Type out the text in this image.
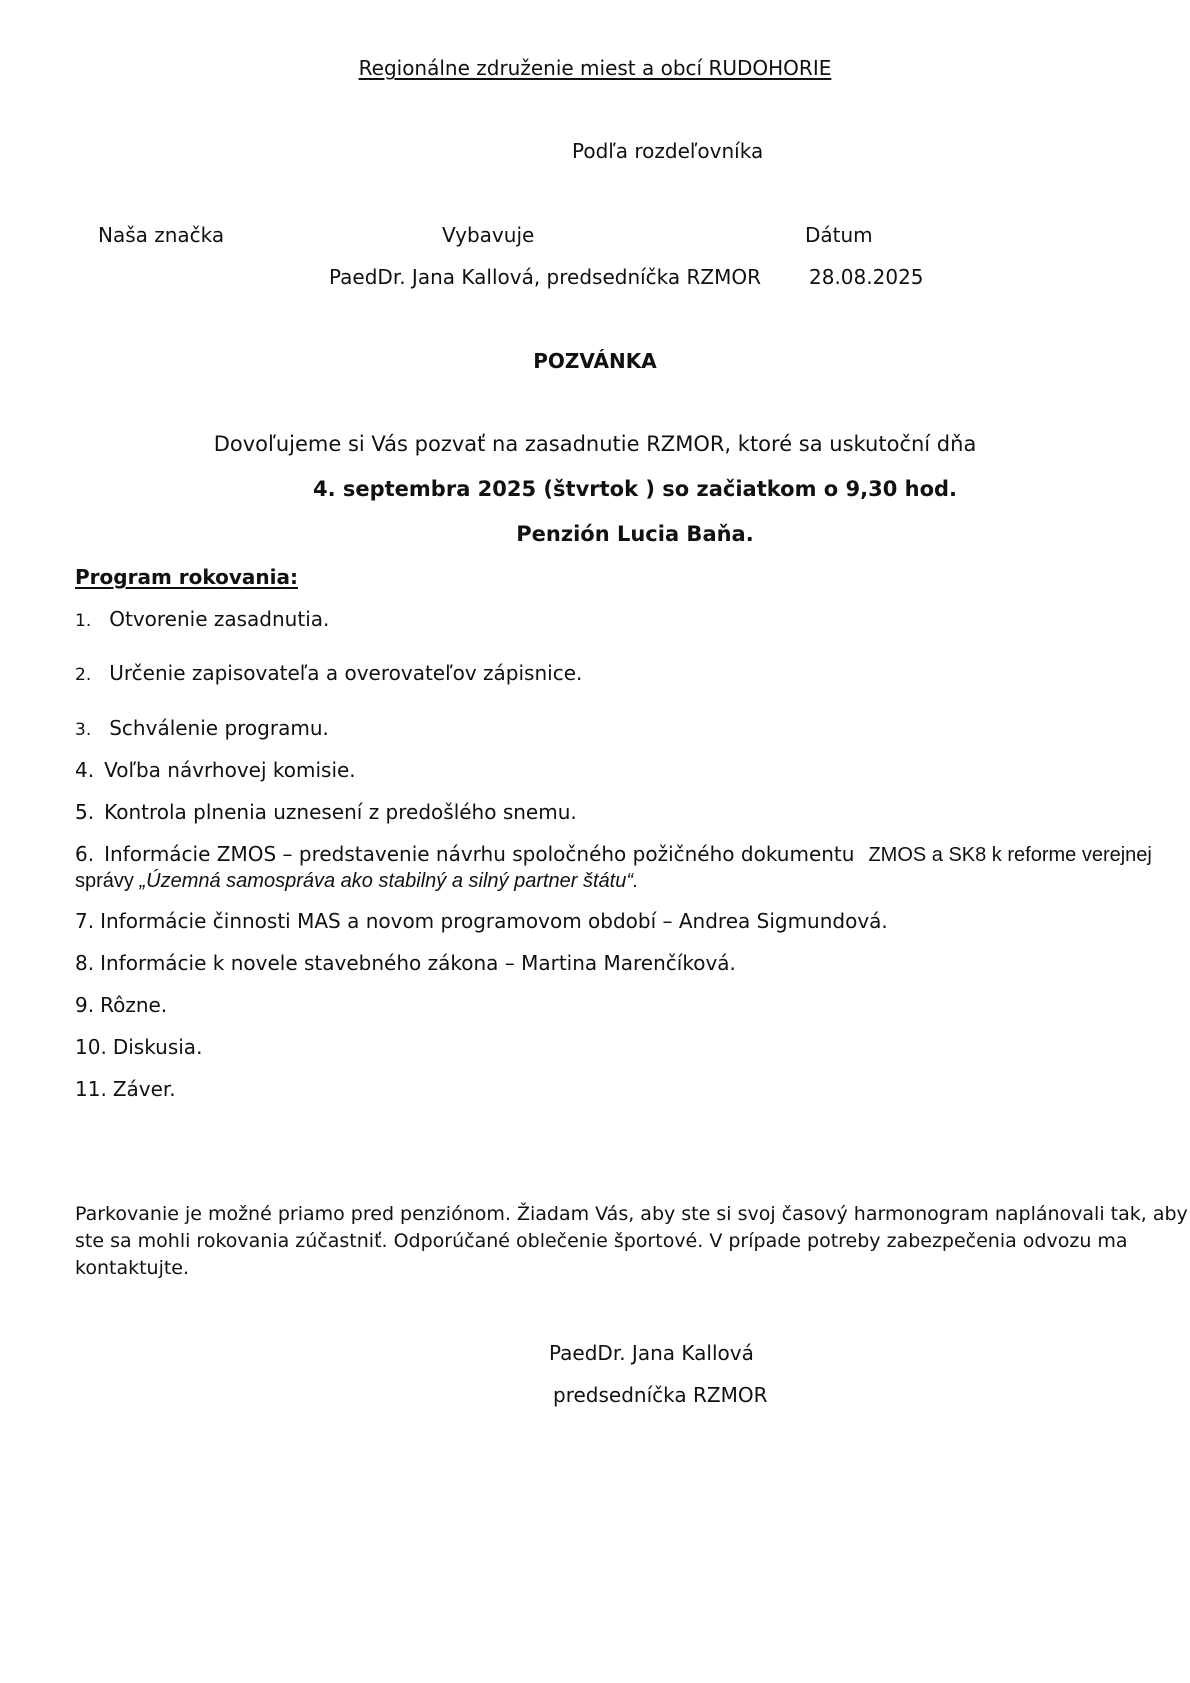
Regionálne združenie miest a obcí RUDOHORIE
Podľa rozdeľovníka
Naša značka	Vybavuje	Dátum
PaedDr. Jana Kallová, predsedníčka RZMOR 28.08.2025
POZVÁNKA
Dovoľujeme si Vás pozvať na zasadnutie RZMOR, ktoré sa uskutoční dňa
4. septembra 2025 (štvrtok ) so začiatkom o 9,30 hod.
Penzión Lucia Baňa.
Program rokovania:
1. Otvorenie zasadnutia.
2. Určenie zapisovateľa a overovateľov zápisnice.
3. Schválenie programu.
4. Voľba návrhovej komisie.
5. Kontrola plnenia uznesení z predošlého snemu.
6. Informácie ZMOS – predstavenie návrhu spoločného požičného dokumentu ZMOS a SK8 k reforme verejnej
správy „Územná samospráva ako stabilný a silný partner štátu“.
7. Informácie činnosti MAS a novom programovom období – Andrea Sigmundová.
8. Informácie k novele stavebného zákona – Martina Marenčíková.
9. Rôzne.
10. Diskusia.
11. Záver.
Parkovanie je možné priamo pred penziónom. Žiadam Vás, aby ste si svoj časový harmonogram naplánovali tak, aby
ste sa mohli rokovania zúčastniť. Odporúčané oblečenie športové. V prípade potreby zabezpečenia odvozu ma
kontaktujte.
PaedDr. Jana Kallová
predsedníčka RZMOR
